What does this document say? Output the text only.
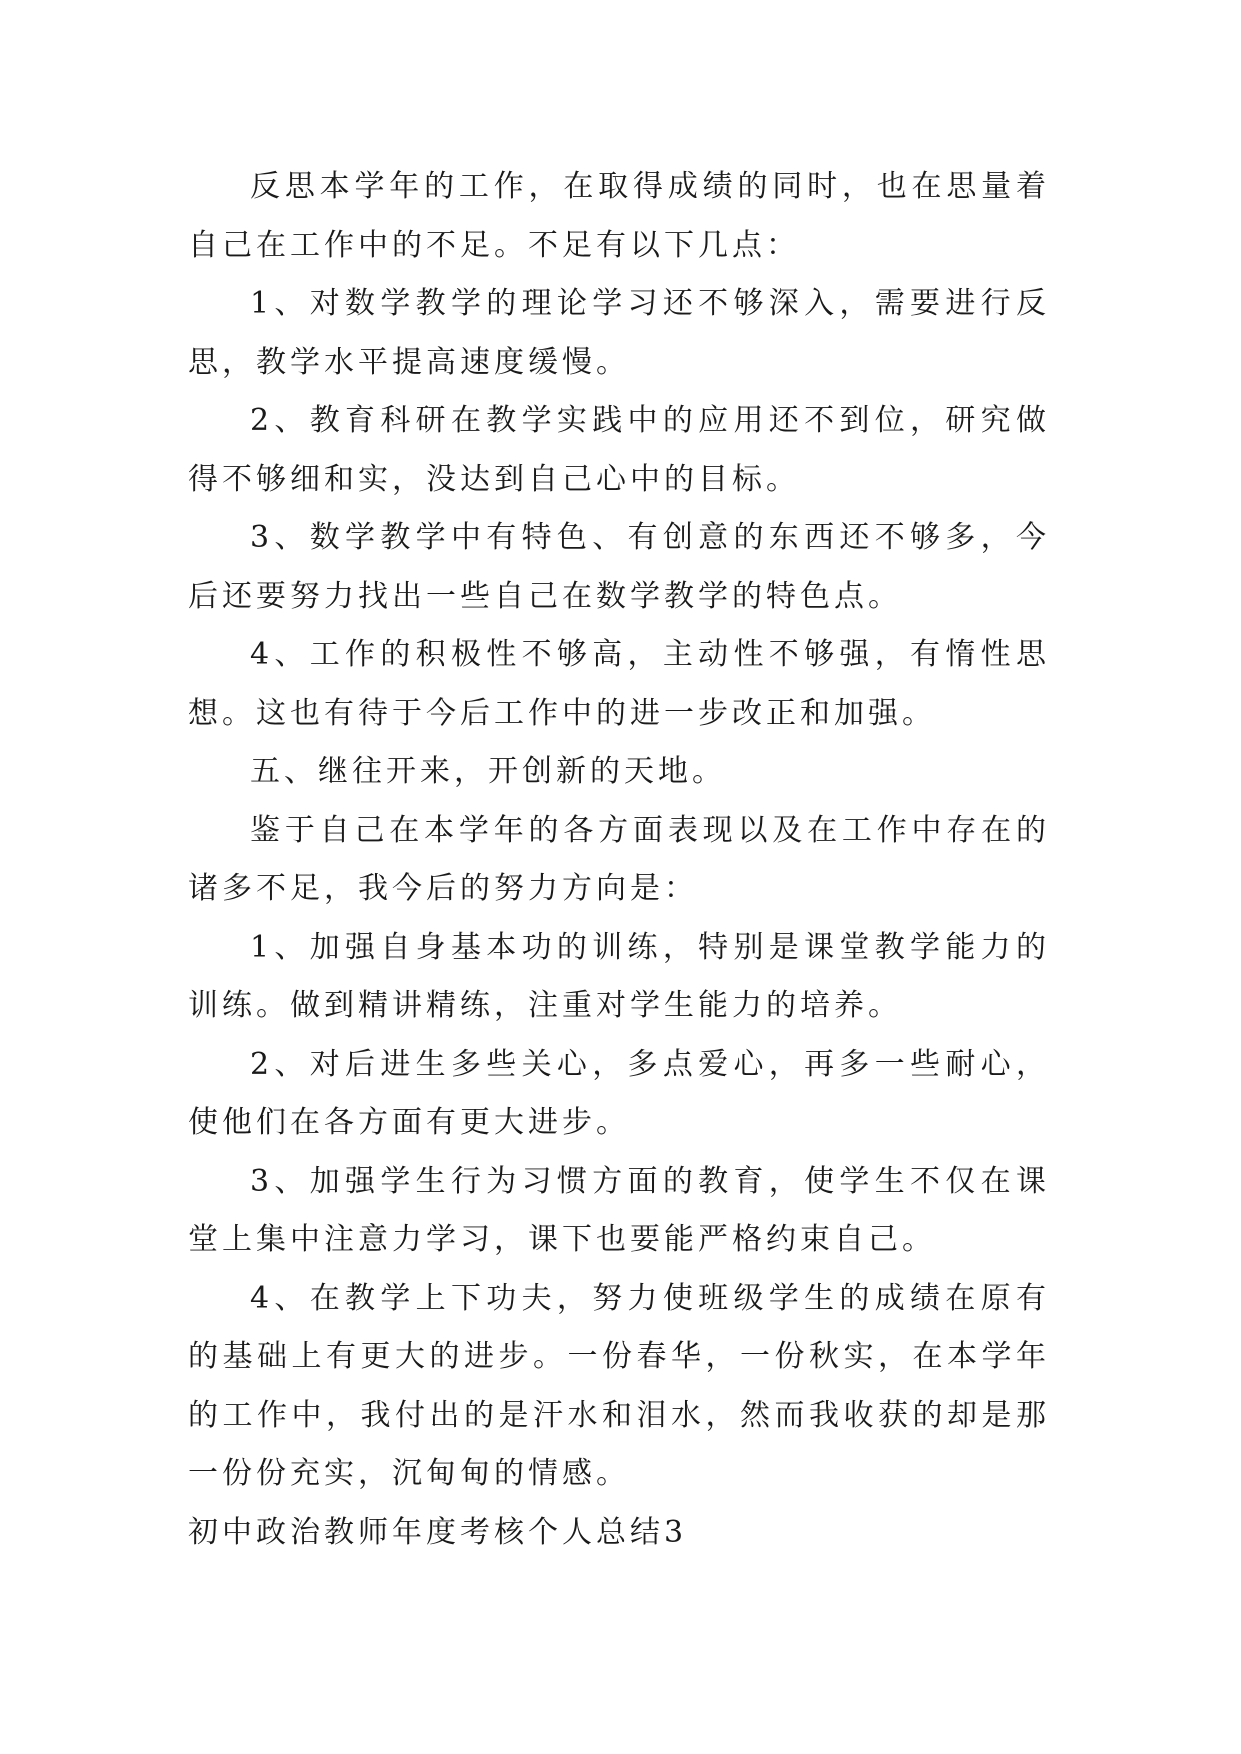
反思本学年的工作，在取得成绩的同时，也在思量着自己在工作中的不足。不足有以下几点：

1、对数学教学的理论学习还不够深入，需要进行反思，教学水平提高速度缓慢。

2、教育科研在教学实践中的应用还不到位，研究做得不够细和实，没达到自己心中的目标。

3、数学教学中有特色、有创意的东西还不够多，今后还要努力找出一些自己在数学教学的特色点。

4、工作的积极性不够高，主动性不够强，有惰性思想。这也有待于今后工作中的进一步改正和加强。

五、继往开来，开创新的天地。

鉴于自己在本学年的各方面表现以及在工作中存在的诸多不足，我今后的努力方向是：

1、加强自身基本功的训练，特别是课堂教学能力的训练。做到精讲精练，注重对学生能力的培养。

2、对后进生多些关心，多点爱心，再多一些耐心，使他们在各方面有更大进步。

3、加强学生行为习惯方面的教育，使学生不仅在课堂上集中注意力学习，课下也要能严格约束自己。

4、在教学上下功夫，努力使班级学生的成绩在原有的基础上有更大的进步。一份春华，一份秋实，在本学年的工作中，我付出的是汗水和泪水，然而我收获的却是那一份份充实，沉甸甸的情感。

初中政治教师年度考核个人总结3
